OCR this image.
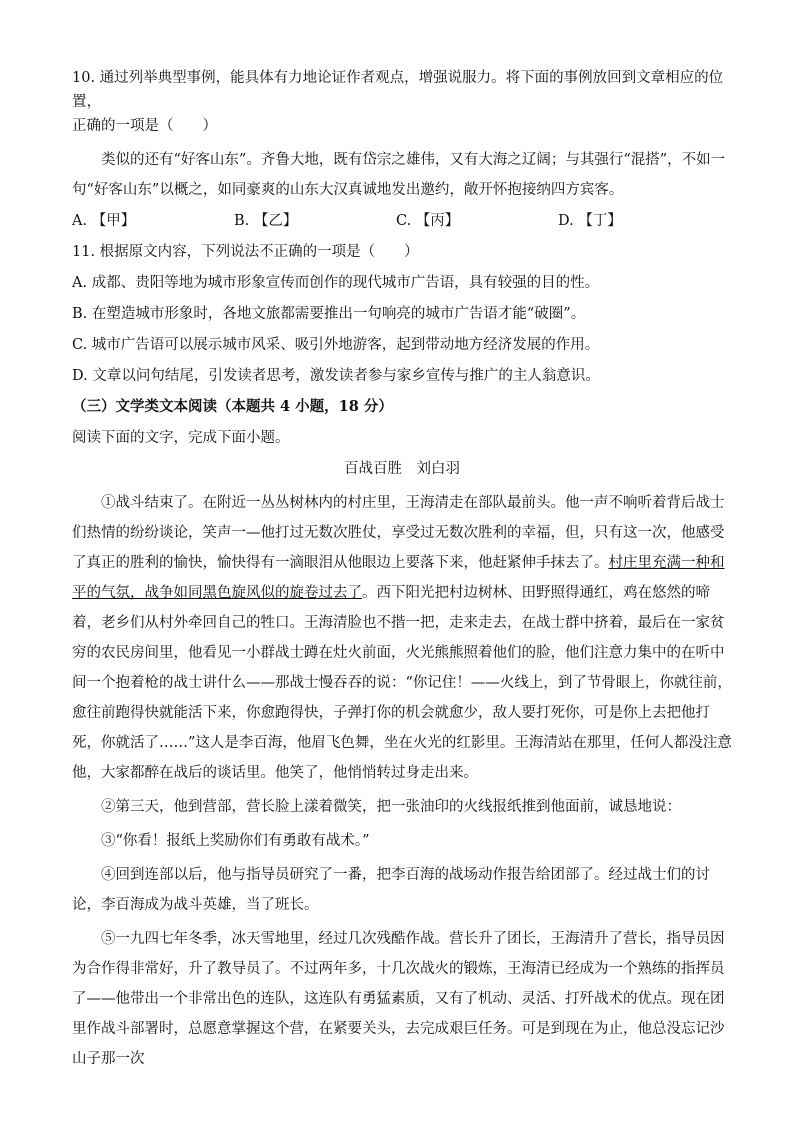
10. 通过列举典型事例，能具体有力地论证作者观点，增强说服力。将下面的事例放回到文章相应的位置，
正确的一项是（　　）

类似的还有“好客山东”。齐鲁大地，既有岱宗之雄伟，又有大海之辽阔；与其强行“混搭”，不如一句“好客山东”以概之，如同豪爽的山东大汉真诚地发出邀约，敞开怀抱接纳四方宾客。

A. 【甲】	B. 【乙】	C. 【丙】	D. 【丁】

11. 根据原文内容，下列说法不正确的一项是（　　）

A. 成都、贵阳等地为城市形象宣传而创作的现代城市广告语，具有较强的目的性。

B. 在塑造城市形象时，各地文旅都需要推出一句响亮的城市广告语才能“破圈”。

C. 城市广告语可以展示城市风采、吸引外地游客，起到带动地方经济发展的作用。

D. 文章以问句结尾，引发读者思考，激发读者参与家乡宣传与推广的主人翁意识。

（三）文学类文本阅读（本题共 4 小题，18 分）

阅读下面的文字，完成下面小题。

百战百胜　刘白羽

①战斗结束了。在附近一丛丛树林内的村庄里，王海清走在部队最前头。他一声不响听着背后战士们热情的纷纷谈论，笑声一—他打过无数次胜仗，享受过无数次胜利的幸福，但，只有这一次，他感受了真正的胜利的愉快，愉快得有一滴眼泪从他眼边上要落下来，他赶紧伸手抹去了。村庄里充满一种和平的气氛，战争如同黑色旋风似的旋卷过去了。西下阳光把村边树林、田野照得通红，鸡在悠然的啼着，老乡们从村外牵回自己的牲口。王海清脸也不揩一把，走来走去，在战士群中挤着，最后在一家贫穷的农民房间里，他看见一小群战士蹲在灶火前面，火光熊熊照着他们的脸，他们注意力集中的在听中间一个抱着枪的战士讲什么——那战士慢吞吞的说：“你记住！——火线上，到了节骨眼上，你就往前，愈往前跑得快就能活下来，你愈跑得快，子弹打你的机会就愈少，敌人要打死你，可是你上去把他打死，你就活了……”这人是李百海，他眉飞色舞，坐在火光的红影里。王海清站在那里，任何人都没注意他，大家都醉在战后的谈话里。他笑了，他悄悄转过身走出来。

②第三天，他到营部，营长脸上漾着微笑，把一张油印的火线报纸推到他面前，诚恳地说：

③“你看！报纸上奖励你们有勇敢有战术。”

④回到连部以后，他与指导员研究了一番，把李百海的战场动作报告给团部了。经过战士们的讨论，李百海成为战斗英雄，当了班长。

⑤一九四七年冬季，冰天雪地里，经过几次残酷作战。营长升了团长，王海清升了营长，指导员因为合作得非常好，升了教导员了。不过两年多，十几次战火的锻炼，王海清已经成为一个熟练的指挥员了——他带出一个非常出色的连队，这连队有勇猛素质，又有了机动、灵活、打歼战术的优点。现在团里作战斗部署时，总愿意掌握这个营，在紧要关头，去完成艰巨任务。可是到现在为止，他总没忘记沙山子那一次
